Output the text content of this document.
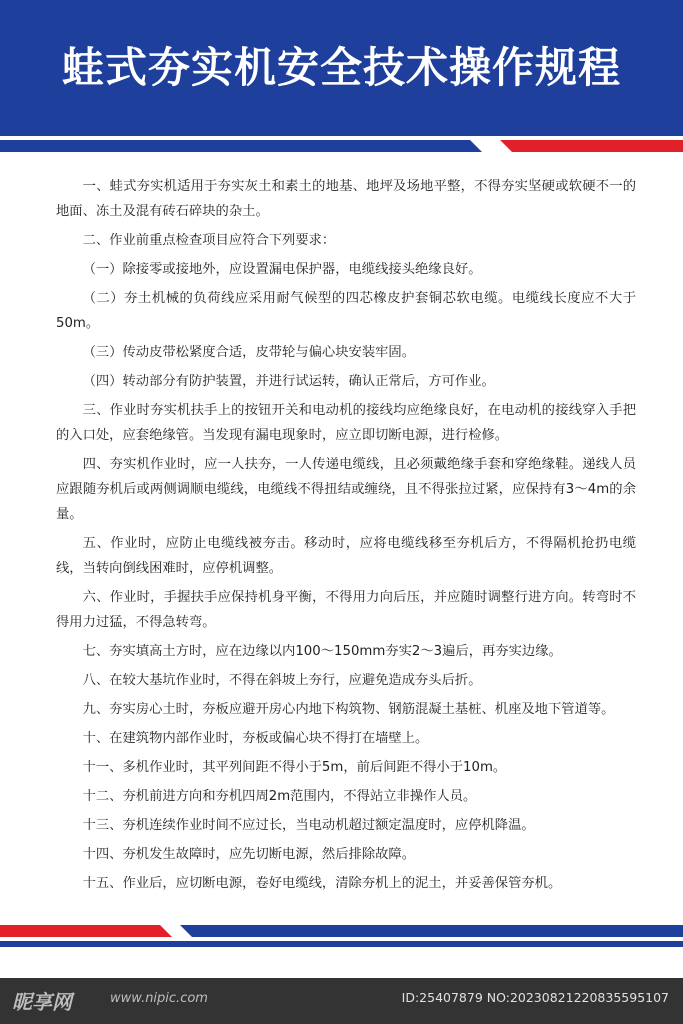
蛙式夯实机安全技术操作规程

一、蛙式夯实机适用于夯实灰土和素土的地基、地坪及场地平整，不得夯实坚硬或软硬不一的地面、冻土及混有砖石碎块的杂土。

二、作业前重点检查项目应符合下列要求：

（一）除接零或接地外，应设置漏电保护器，电缆线接头绝缘良好。

（二）夯土机械的负荷线应采用耐气候型的四芯橡皮护套铜芯软电缆。电缆线长度应不大于50m。

（三）传动皮带松紧度合适，皮带轮与偏心块安装牢固。

（四）转动部分有防护装置，并进行试运转，确认正常后，方可作业。

三、作业时夯实机扶手上的按钮开关和电动机的接线均应绝缘良好，在电动机的接线穿入手把的入口处，应套绝缘管。当发现有漏电现象时，应立即切断电源，进行检修。

四、夯实机作业时，应一人扶夯，一人传递电缆线，且必须戴绝缘手套和穿绝缘鞋。递线人员应跟随夯机后或两侧调顺电缆线，电缆线不得扭结或缠绕，且不得张拉过紧，应保持有3～4m的余量。

五、作业时，应防止电缆线被夯击。移动时，应将电缆线移至夯机后方，不得隔机抢扔电缆线，当转向倒线困难时，应停机调整。

六、作业时，手握扶手应保持机身平衡，不得用力向后压，并应随时调整行进方向。转弯时不得用力过猛，不得急转弯。

七、夯实填高土方时，应在边缘以内100～150mm夯实2～3遍后，再夯实边缘。

八、在较大基坑作业时，不得在斜坡上夯行，应避免造成夯头后折。

九、夯实房心土时，夯板应避开房心内地下构筑物、钢筋混凝土基桩、机座及地下管道等。

十、在建筑物内部作业时，夯板或偏心块不得打在墙壁上。

十一、多机作业时，其平列间距不得小于5m，前后间距不得小于10m。

十二、夯机前进方向和夯机四周2m范围内，不得站立非操作人员。

十三、夯机连续作业时间不应过长，当电动机超过额定温度时，应停机降温。

十四、夯机发生故障时，应先切断电源，然后排除故障。

十五、作业后，应切断电源，卷好电缆线，清除夯机上的泥土，并妥善保管夯机。

昵享网	www.nipic.com	ID:25407879 NO:20230821220835595107
